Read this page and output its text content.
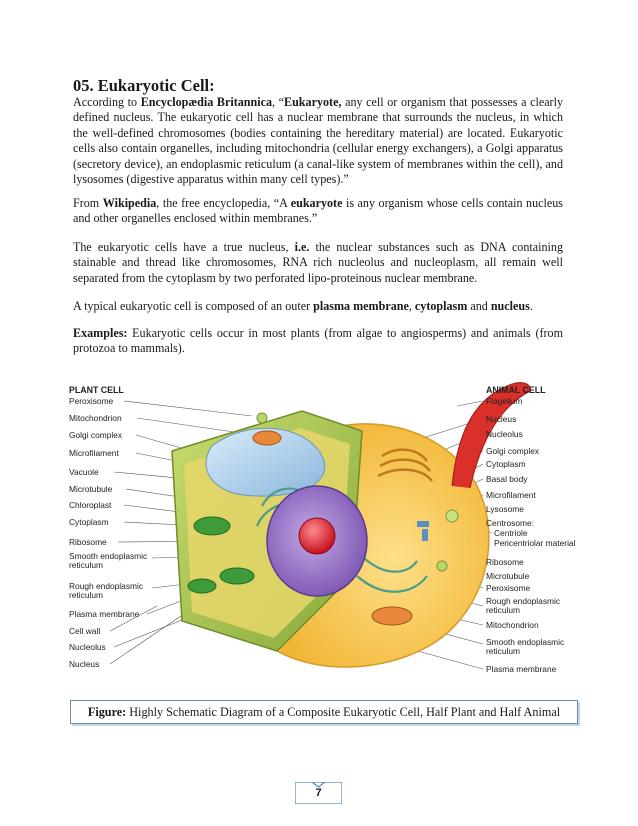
05. Eukaryotic Cell:

According to Encyclopædia Britannica, “Eukaryote, any cell or organism that possesses a clearly defined nucleus. The eukaryotic cell has a nuclear membrane that surrounds the nucleus, in which the well-defined chromosomes (bodies containing the hereditary material) are located. Eukaryotic cells also contain organelles, including mitochondria (cellular energy exchangers), a Golgi apparatus (secretory device), an endoplasmic reticulum (a canal-like system of membranes within the cell), and lysosomes (digestive apparatus within many cell types).”

From Wikipedia, the free encyclopedia, “A eukaryote is any organism whose cells contain nucleus and other organelles enclosed within membranes.”

The eukaryotic cells have a true nucleus, i.e. the nuclear substances such as DNA containing stainable and thread like chromosomes, RNA rich nucleolus and nucleoplasm, all remain well separated from the cytoplasm by two perforated lipo-proteinous nuclear membrane.

A typical eukaryotic cell is composed of an outer plasma membrane, cytoplasm and nucleus.

Examples: Eukaryotic cells occur in most plants (from algae to angiosperms) and animals (from protozoa to mammals).

PLANT CELL
Peroxisome
Mitochondrion
Golgi complex
Microfilament
Vacuole
Microtubule
Chloroplast
Cytoplasm
Ribosome
Smooth endoplasmic
reticulum
Rough endoplasmic
reticulum
Plasma membrane
Cell wall
Nucleolus
Nucleus
ANIMAL CELL
Flagellum
Nucleus
Nucleolus
Golgi complex
Cytoplasm
Basal body
Microfilament
Lysosome
Centrosome:
Centriole
Pericentriolar material
Ribosome
Microtubule
Peroxisome
Rough endoplasmic
reticulum
Mitochondrion
Smooth endoplasmic
reticulum
Plasma membrane
Figure: Highly Schematic Diagram of a Composite Eukaryotic Cell, Half Plant and Half Animal
7
